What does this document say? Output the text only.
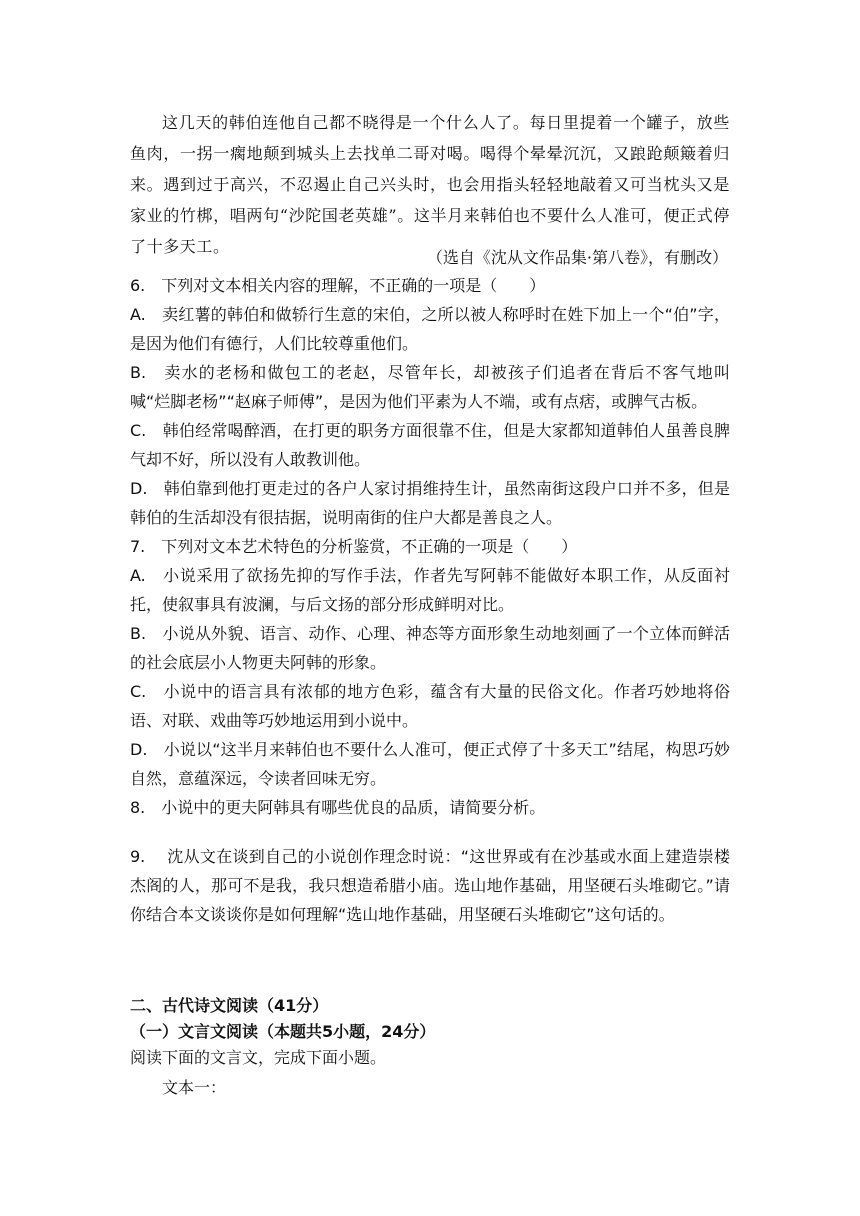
这几天的韩伯连他自己都不晓得是一个什么人了。每日里提着一个罐子，放些鱼肉，一拐一瘸地颠到城头上去找单二哥对喝。喝得个晕晕沉沉，又踉跄颠簸着归来。遇到过于高兴，不忍遏止自己兴头时，也会用指头轻轻地敲着又可当枕头又是家业的竹梆，唱两句“沙陀国老英雄”。这半月来韩伯也不要什么人准可，便正式停了十多天工。

（选自《沈从文作品集·第八卷》，有删改）

6.　下列对文本相关内容的理解，不正确的一项是（　　）

A.　卖红薯的韩伯和做轿行生意的宋伯，之所以被人称呼时在姓下加上一个“伯”字，是因为他们有德行，人们比较尊重他们。

B.　卖水的老杨和做包工的老赵，尽管年长，却被孩子们追者在背后不客气地叫喊“烂脚老杨”“赵麻子师傅”，是因为他们平素为人不端，或有点痞，或脾气古板。

C.　韩伯经常喝醉酒，在打更的职务方面很靠不住，但是大家都知道韩伯人虽善良脾气却不好，所以没有人敢教训他。

D.　韩伯靠到他打更走过的各户人家讨捐维持生计，虽然南街这段户口并不多，但是韩伯的生活却没有很拮据，说明南街的住户大都是善良之人。

7.　下列对文本艺术特色的分析鉴赏，不正确的一项是（　　）

A.　小说采用了欲扬先抑的写作手法，作者先写阿韩不能做好本职工作，从反面衬托，使叙事具有波澜，与后文扬的部分形成鲜明对比。

B.　小说从外貌、语言、动作、心理、神态等方面形象生动地刻画了一个立体而鲜活的社会底层小人物更夫阿韩的形象。

C.　小说中的语言具有浓郁的地方色彩，蕴含有大量的民俗文化。作者巧妙地将俗语、对联、戏曲等巧妙地运用到小说中。

D.　小说以“这半月来韩伯也不要什么人准可，便正式停了十多天工”结尾，构思巧妙自然，意蕴深远，令读者回味无穷。

8.　小说中的更夫阿韩具有哪些优良的品质，请简要分析。

9.　 沈从文在谈到自己的小说创作理念时说：“这世界或有在沙基或水面上建造崇楼杰阁的人，那可不是我，我只想造希腊小庙。选山地作基础，用坚硬石头堆砌它。”请你结合本文谈谈你是如何理解“选山地作基础，用坚硬石头堆砌它”这句话的。

二、古代诗文阅读（41分）
（一）文言文阅读（本题共5小题，24分）
阅读下面的文言文，完成下面小题。
文本一：
